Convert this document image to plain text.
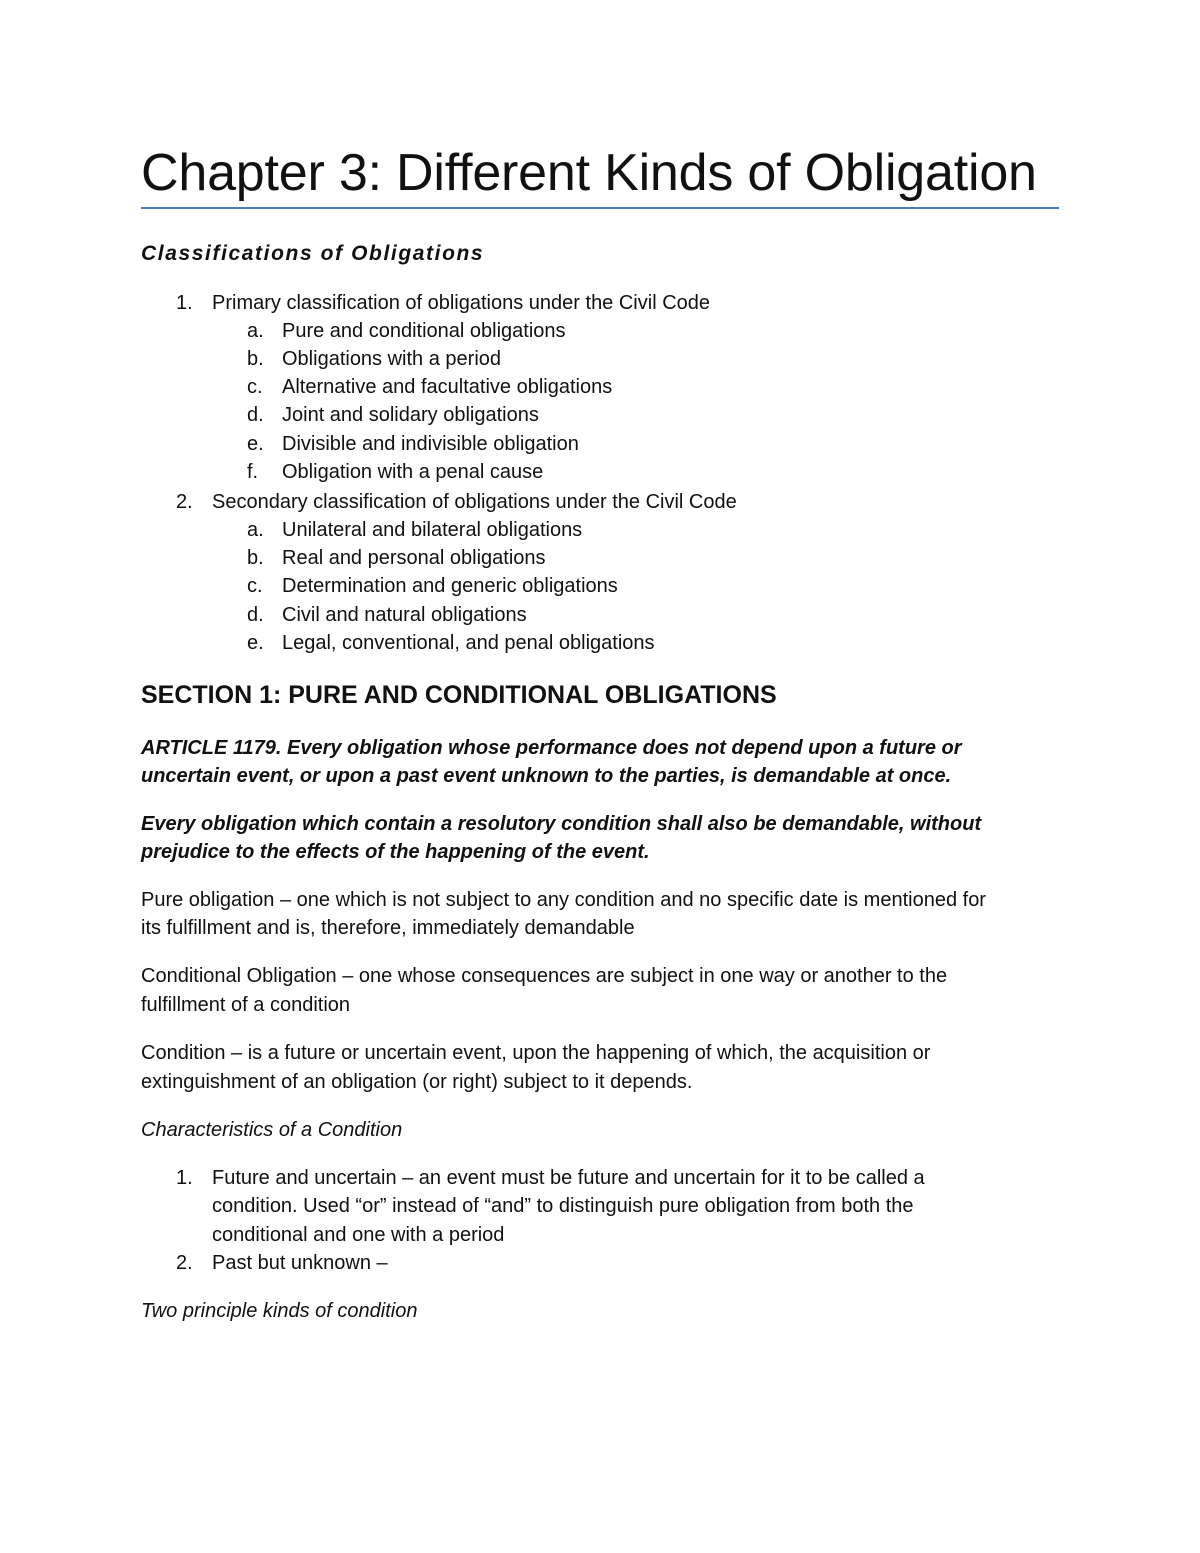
Chapter 3: Different Kinds of Obligation
Classifications of Obligations
1. Primary classification of obligations under the Civil Code
a. Pure and conditional obligations
b. Obligations with a period
c. Alternative and facultative obligations
d. Joint and solidary obligations
e. Divisible and indivisible obligation
f. Obligation with a penal cause
2. Secondary classification of obligations under the Civil Code
a. Unilateral and bilateral obligations
b. Real and personal obligations
c. Determination and generic obligations
d. Civil and natural obligations
e. Legal, conventional, and penal obligations
SECTION 1: PURE AND CONDITIONAL OBLIGATIONS

ARTICLE 1179. Every obligation whose performance does not depend upon a future or

uncertain event, or upon a past event unknown to the parties, is demandable at once.

Every obligation which contain a resolutory condition shall also be demandable, without

prejudice to the effects of the happening of the event.

Pure obligation – one which is not subject to any condition and no specific date is mentioned for

its fulfillment and is, therefore, immediately demandable

Conditional Obligation – one whose consequences are subject in one way or another to the

fulfillment of a condition

Condition – is a future or uncertain event, upon the happening of which, the acquisition or

extinguishment of an obligation (or right) subject to it depends.

Characteristics of a Condition

1. Future and uncertain – an event must be future and uncertain for it to be called a
condition. Used “or” instead of “and” to distinguish pure obligation from both the
conditional and one with a period
2. Past but unknown –

Two principle kinds of condition
